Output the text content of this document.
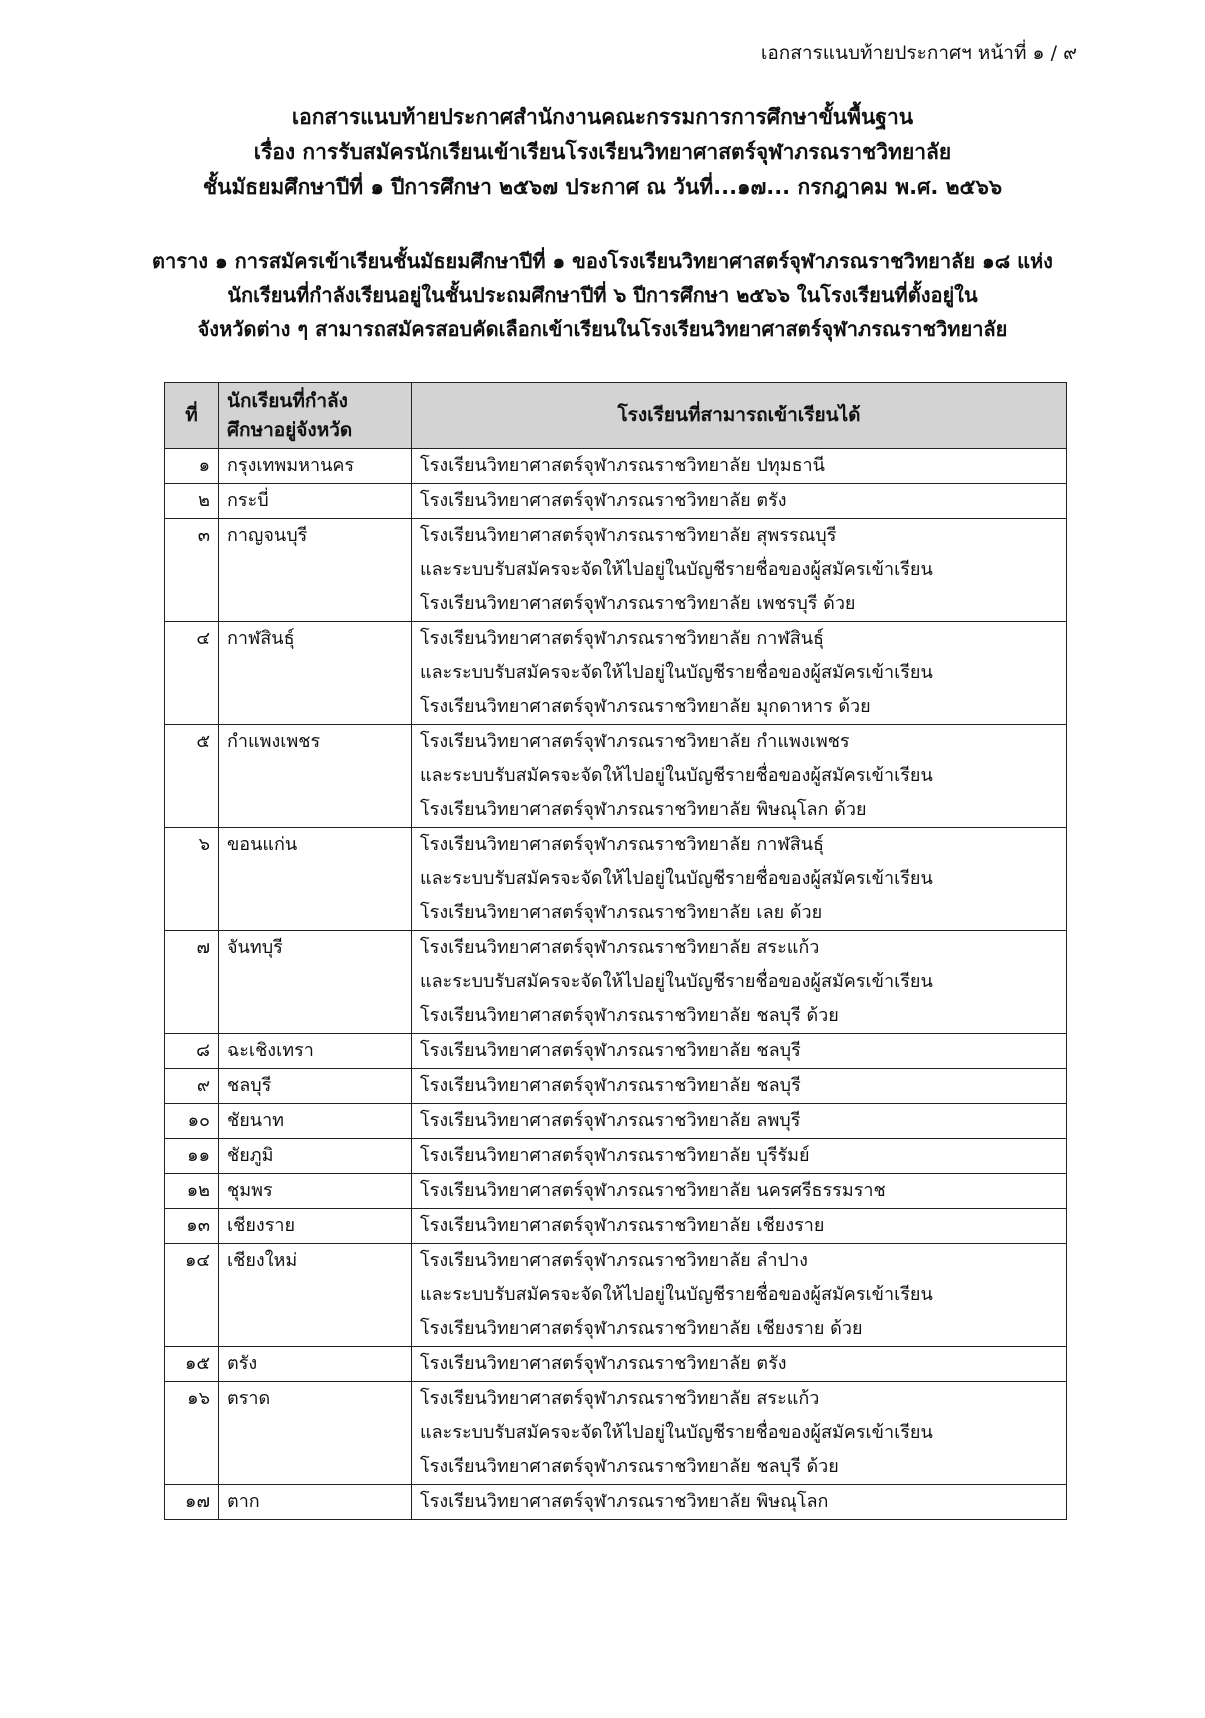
เอกสารแนบท้ายประกาศฯ หน้าที่ ๑ / ๙
เอกสารแนบท้ายประกาศสำนักงานคณะกรรมการการศึกษาขั้นพื้นฐาน
เรื่อง การรับสมัครนักเรียนเข้าเรียนโรงเรียนวิทยาศาสตร์จุฬาภรณราชวิทยาลัย
ชั้นมัธยมศึกษาปีที่ ๑ ปีการศึกษา ๒๕๖๗ ประกาศ ณ วันที่...๑๗... กรกฎาคม พ.ศ. ๒๕๖๖
ตาราง ๑ การสมัครเข้าเรียนชั้นมัธยมศึกษาปีที่ ๑ ของโรงเรียนวิทยาศาสตร์จุฬาภรณราชวิทยาลัย ๑๘ แห่ง
นักเรียนที่กำลังเรียนอยู่ในชั้นประถมศึกษาปีที่ ๖ ปีการศึกษา ๒๕๖๖ ในโรงเรียนที่ตั้งอยู่ใน
จังหวัดต่าง ๆ สามารถสมัครสอบคัดเลือกเข้าเรียนในโรงเรียนวิทยาศาสตร์จุฬาภรณราชวิทยาลัย
ที่	นักเรียนที่กำลัง
ศึกษาอยู่จังหวัด	โรงเรียนที่สามารถเข้าเรียนได้
๑	กรุงเทพมหานคร	โรงเรียนวิทยาศาสตร์จุฬาภรณราชวิทยาลัย ปทุมธานี

๒	กระบี่	โรงเรียนวิทยาศาสตร์จุฬาภรณราชวิทยาลัย ตรัง

๓	กาญจนบุรี	โรงเรียนวิทยาศาสตร์จุฬาภรณราชวิทยาลัย สุพรรณบุรี
และระบบรับสมัครจะจัดให้ไปอยู่ในบัญชีรายชื่อของผู้สมัครเข้าเรียน
โรงเรียนวิทยาศาสตร์จุฬาภรณราชวิทยาลัย เพชรบุรี ด้วย

๔	กาฬสินธุ์	โรงเรียนวิทยาศาสตร์จุฬาภรณราชวิทยาลัย กาฬสินธุ์
และระบบรับสมัครจะจัดให้ไปอยู่ในบัญชีรายชื่อของผู้สมัครเข้าเรียน
โรงเรียนวิทยาศาสตร์จุฬาภรณราชวิทยาลัย มุกดาหาร ด้วย

๕	กำแพงเพชร	โรงเรียนวิทยาศาสตร์จุฬาภรณราชวิทยาลัย กำแพงเพชร
และระบบรับสมัครจะจัดให้ไปอยู่ในบัญชีรายชื่อของผู้สมัครเข้าเรียน
โรงเรียนวิทยาศาสตร์จุฬาภรณราชวิทยาลัย พิษณุโลก ด้วย

๖	ขอนแก่น	โรงเรียนวิทยาศาสตร์จุฬาภรณราชวิทยาลัย กาฬสินธุ์
และระบบรับสมัครจะจัดให้ไปอยู่ในบัญชีรายชื่อของผู้สมัครเข้าเรียน
โรงเรียนวิทยาศาสตร์จุฬาภรณราชวิทยาลัย เลย ด้วย

๗	จันทบุรี	โรงเรียนวิทยาศาสตร์จุฬาภรณราชวิทยาลัย สระแก้ว
และระบบรับสมัครจะจัดให้ไปอยู่ในบัญชีรายชื่อของผู้สมัครเข้าเรียน
โรงเรียนวิทยาศาสตร์จุฬาภรณราชวิทยาลัย ชลบุรี ด้วย

๘	ฉะเชิงเทรา	โรงเรียนวิทยาศาสตร์จุฬาภรณราชวิทยาลัย ชลบุรี

๙	ชลบุรี	โรงเรียนวิทยาศาสตร์จุฬาภรณราชวิทยาลัย ชลบุรี

๑๐	ชัยนาท	โรงเรียนวิทยาศาสตร์จุฬาภรณราชวิทยาลัย ลพบุรี

๑๑	ชัยภูมิ	โรงเรียนวิทยาศาสตร์จุฬาภรณราชวิทยาลัย บุรีรัมย์

๑๒	ชุมพร	โรงเรียนวิทยาศาสตร์จุฬาภรณราชวิทยาลัย นครศรีธรรมราช

๑๓	เชียงราย	โรงเรียนวิทยาศาสตร์จุฬาภรณราชวิทยาลัย เชียงราย

๑๔	เชียงใหม่	โรงเรียนวิทยาศาสตร์จุฬาภรณราชวิทยาลัย ลำปาง
และระบบรับสมัครจะจัดให้ไปอยู่ในบัญชีรายชื่อของผู้สมัครเข้าเรียน
โรงเรียนวิทยาศาสตร์จุฬาภรณราชวิทยาลัย เชียงราย ด้วย

๑๕	ตรัง	โรงเรียนวิทยาศาสตร์จุฬาภรณราชวิทยาลัย ตรัง

๑๖	ตราด	โรงเรียนวิทยาศาสตร์จุฬาภรณราชวิทยาลัย สระแก้ว
และระบบรับสมัครจะจัดให้ไปอยู่ในบัญชีรายชื่อของผู้สมัครเข้าเรียน
โรงเรียนวิทยาศาสตร์จุฬาภรณราชวิทยาลัย ชลบุรี ด้วย

๑๗	ตาก	โรงเรียนวิทยาศาสตร์จุฬาภรณราชวิทยาลัย พิษณุโลก
